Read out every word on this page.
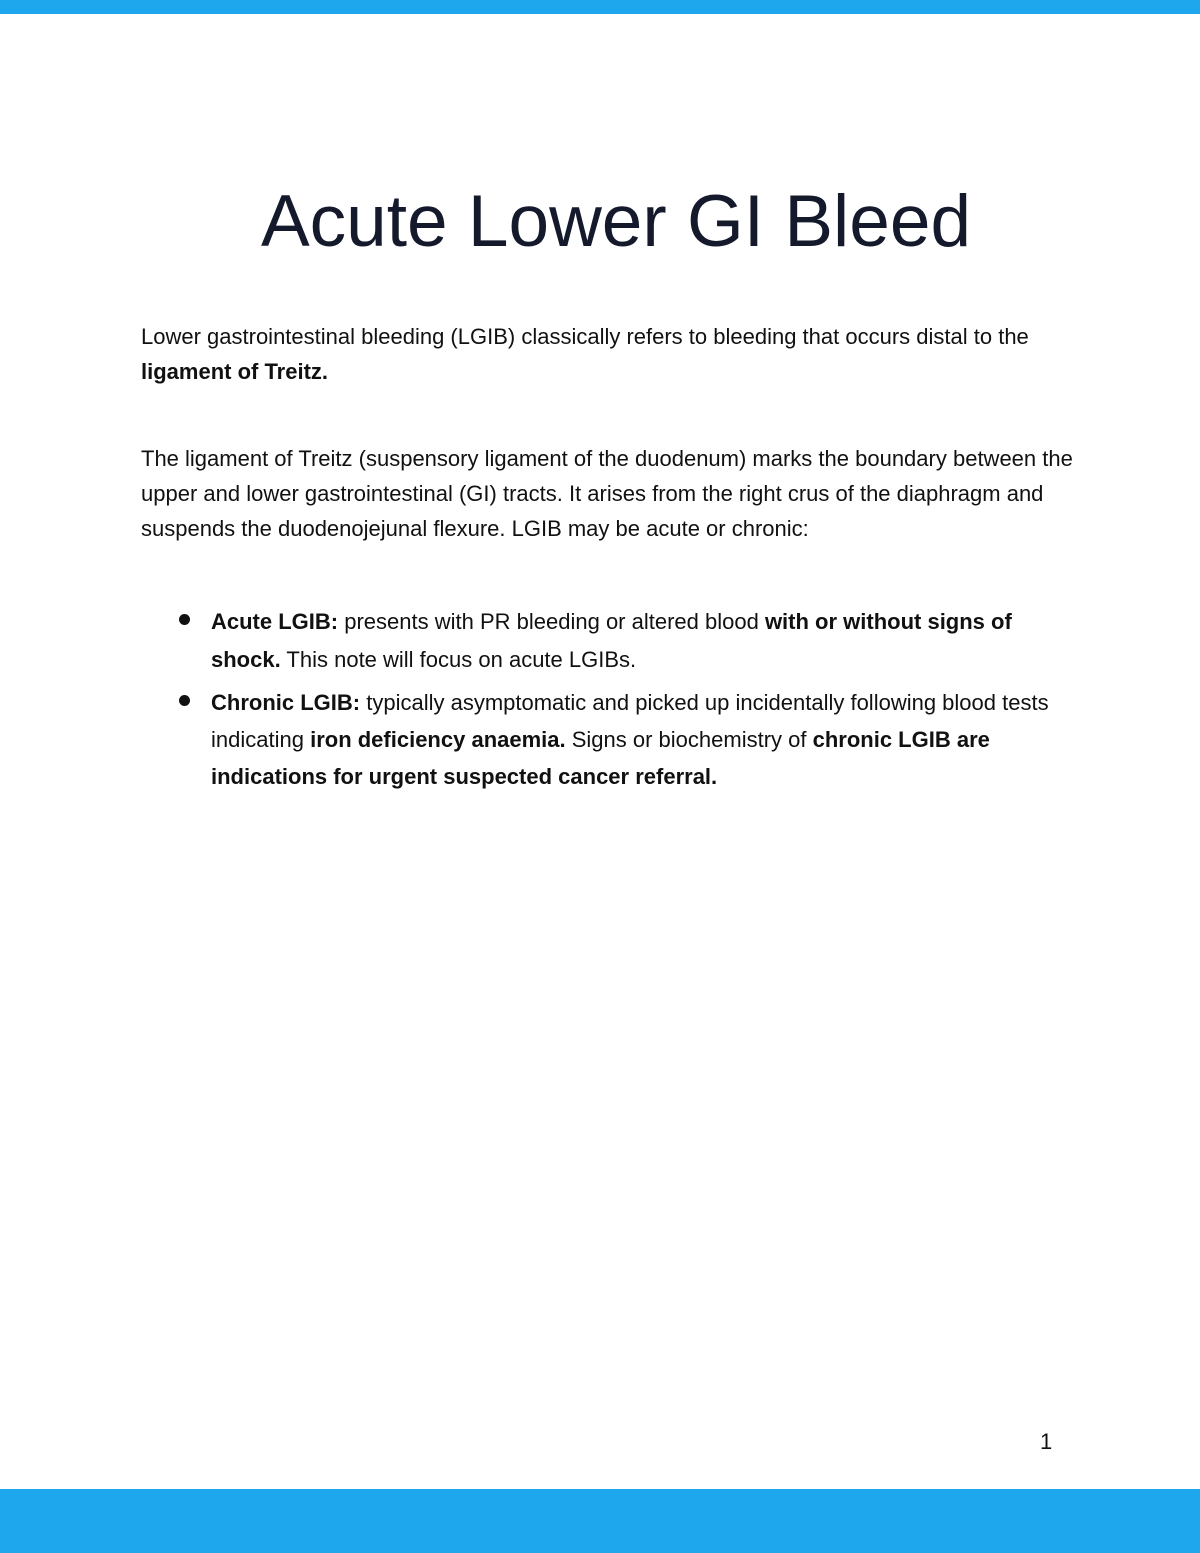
Acute Lower GI Bleed

Lower gastrointestinal bleeding (LGIB) classically refers to bleeding that occurs distal to the ligament of Treitz.

The ligament of Treitz (suspensory ligament of the duodenum) marks the boundary between the upper and lower gastrointestinal (GI) tracts. It arises from the right crus of the diaphragm and suspends the duodenojejunal flexure. LGIB may be acute or chronic:

Acute LGIB: presents with PR bleeding or altered blood with or without signs of shock. This note will focus on acute LGIBs.
Chronic LGIB: typically asymptomatic and picked up incidentally following blood tests indicating iron deficiency anaemia. Signs or biochemistry of chronic LGIB are indications for urgent suspected cancer referral.
1
